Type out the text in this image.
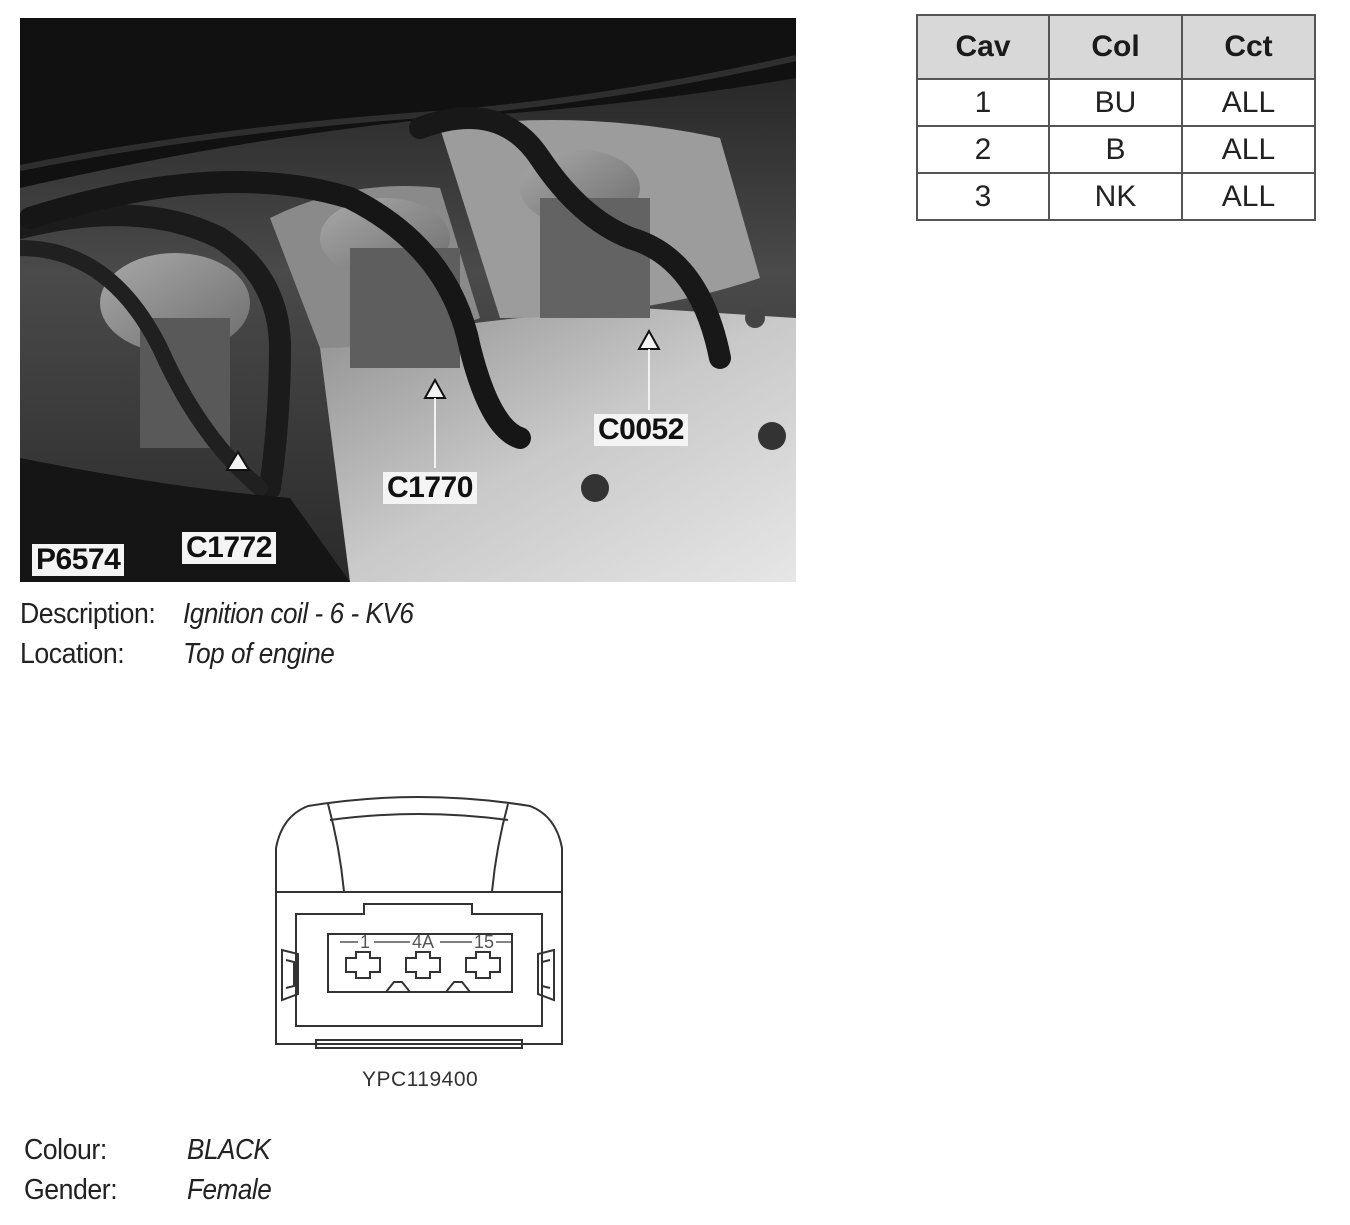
P6574 C1772
C1770
C0052
Cav	Col	Cct
1	BU	ALL
2	B	ALL
3	NK	ALL
Description: Ignition coil - 6 - KV6
Location: Top of engine
1 4A 15
YPC119400
Colour:	BLACK
Gender: Female
